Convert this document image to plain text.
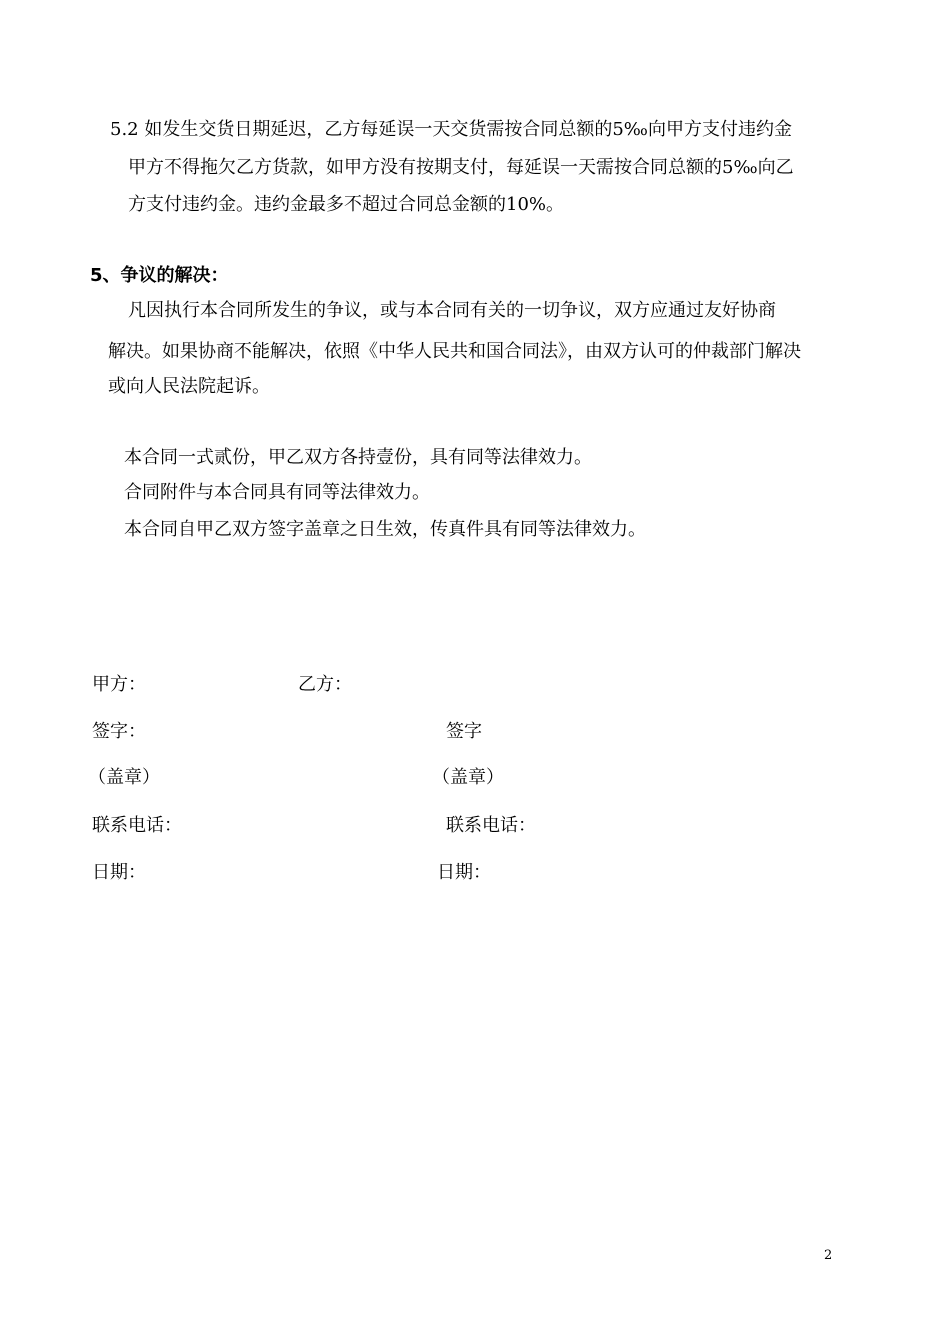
5.2 如发生交货日期延迟，乙方每延误一天交货需按合同总额的5‰向甲方支付违约金
甲方不得拖欠乙方货款，如甲方没有按期支付，每延误一天需按合同总额的5‰向乙
方支付违约金。违约金最多不超过合同总金额的10%。
5、争议的解决：
凡因执行本合同所发生的争议，或与本合同有关的一切争议，双方应通过友好协商
解决。如果协商不能解决，依照《中华人民共和国合同法》，由双方认可的仲裁部门解决
或向人民法院起诉。
本合同一式贰份，甲乙双方各持壹份，具有同等法律效力。
合同附件与本合同具有同等法律效力。
本合同自甲乙双方签字盖章之日生效，传真件具有同等法律效力。
甲方：	乙方：
签字：	签字
（盖章）	（盖章）
联系电话：	联系电话：
日期：	日期：
2
